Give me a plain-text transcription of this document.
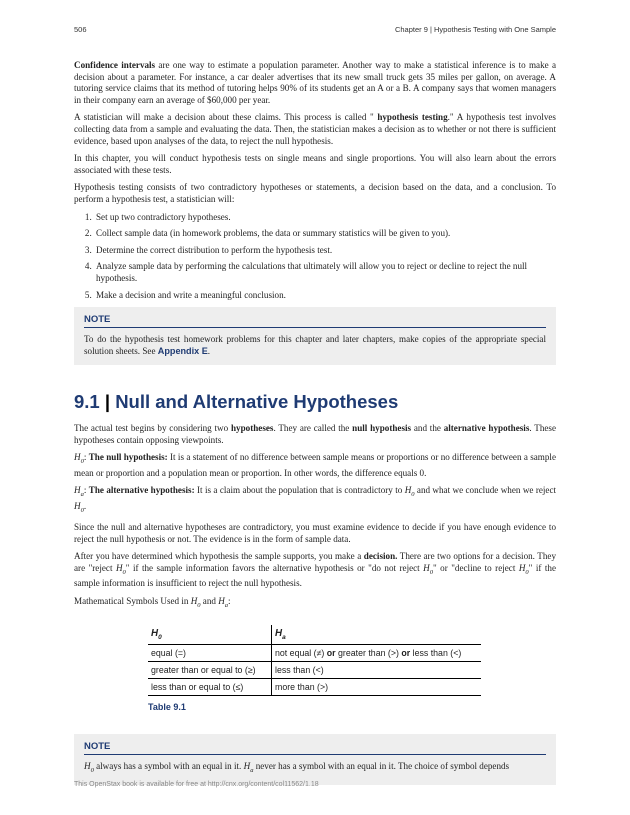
506	Chapter 9 | Hypothesis Testing with One Sample

Confidence intervals are one way to estimate a population parameter. Another way to make a statistical inference is to make a decision about a parameter. For instance, a car dealer advertises that its new small truck gets 35 miles per gallon, on average. A tutoring service claims that its method of tutoring helps 90% of its students get an A or a B. A company says that women managers in their company earn an average of $60,000 per year.

A statistician will make a decision about these claims. This process is called " hypothesis testing." A hypothesis test involves collecting data from a sample and evaluating the data. Then, the statistician makes a decision as to whether or not there is sufficient evidence, based upon analyses of the data, to reject the null hypothesis.

In this chapter, you will conduct hypothesis tests on single means and single proportions. You will also learn about the errors associated with these tests.

Hypothesis testing consists of two contradictory hypotheses or statements, a decision based on the data, and a conclusion. To perform a hypothesis test, a statistician will:

1. Set up two contradictory hypotheses.
2. Collect sample data (in homework problems, the data or summary statistics will be given to you).
3. Determine the correct distribution to perform the hypothesis test.
4. Analyze sample data by performing the calculations that ultimately will allow you to reject or decline to reject the null hypothesis.
5. Make a decision and write a meaningful conclusion.
NOTE

To do the hypothesis test homework problems for this chapter and later chapters, make copies of the appropriate special solution sheets. See Appendix E.

9.1 | Null and Alternative Hypotheses

The actual test begins by considering two hypotheses. They are called the null hypothesis and the alternative hypothesis. These hypotheses contain opposing viewpoints.

$H_0$: The null hypothesis: It is a statement of no difference between sample means or proportions or no difference between a sample mean or proportion and a population mean or proportion. In other words, the difference equals 0.

$H_a$: The alternative hypothesis: It is a claim about the population that is contradictory to $H_0$ and what we conclude when we reject $H_0$.

Since the null and alternative hypotheses are contradictory, you must examine evidence to decide if you have enough evidence to reject the null hypothesis or not. The evidence is in the form of sample data.

After you have determined which hypothesis the sample supports, you make a decision. There are two options for a decision. They are "reject $H_0$" if the sample information favors the alternative hypothesis or "do not reject $H_0$" or "decline to reject $H_0$" if the sample information is insufficient to reject the null hypothesis.

Mathematical Symbols Used in $H_0$ and $H_a$:

$H_0$	$H_a$
equal (=)	not equal (≠) or greater than (>) or less than (<)
greater than or equal to (≥)	less than (<)
less than or equal to (≤)	more than (>)
Table 9.1
NOTE

$H_0$ always has a symbol with an equal in it. $H_a$ never has a symbol with an equal in it. The choice of symbol depends

This OpenStax book is available for free at http://cnx.org/content/col11562/1.18
